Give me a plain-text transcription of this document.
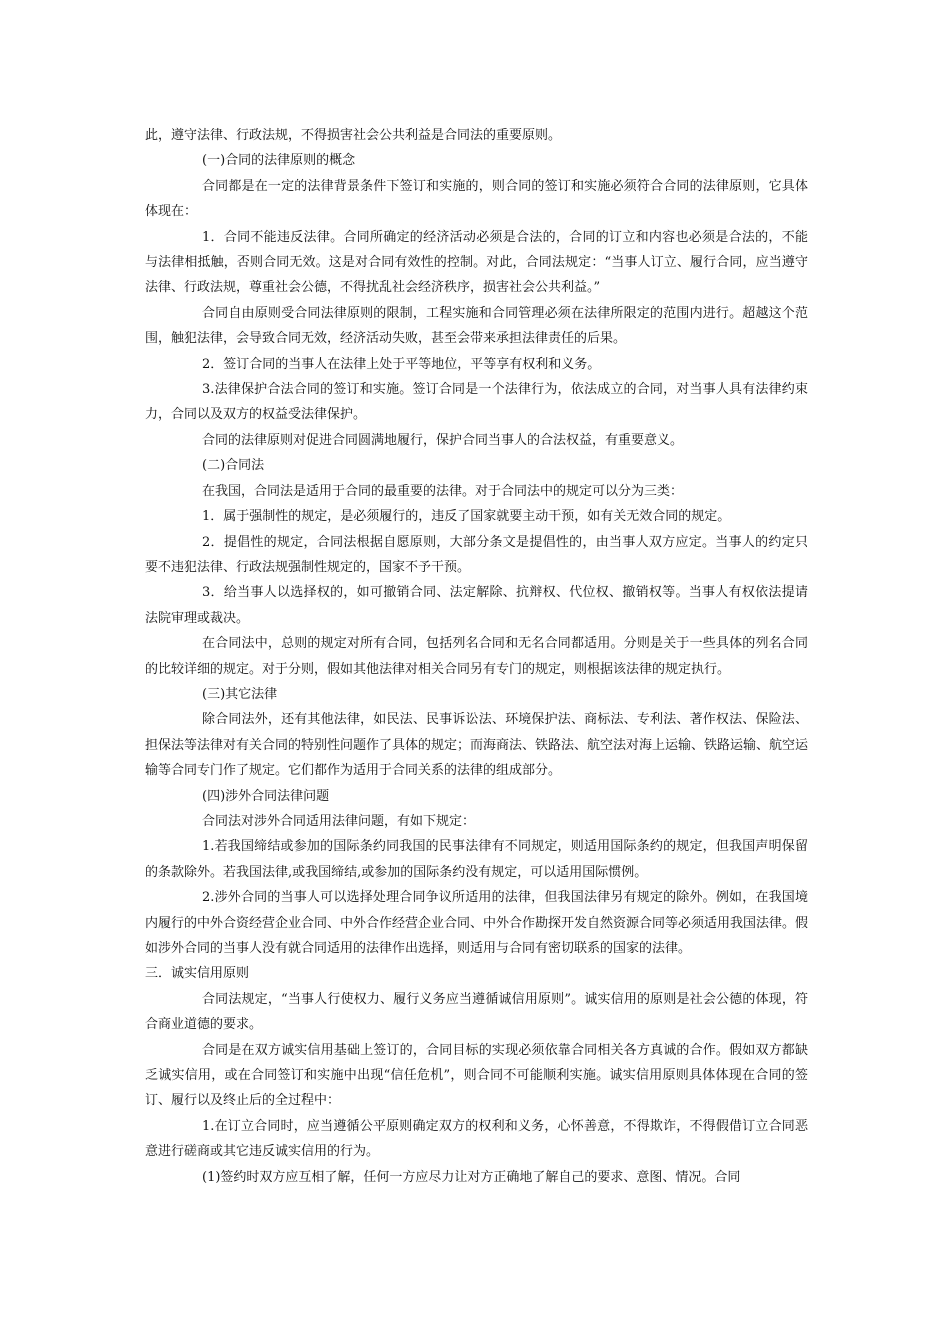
此，遵守法律、行政法规，不得损害社会公共利益是合同法的重要原则。

(一)合同的法律原则的概念

合同都是在一定的法律背景条件下签订和实施的，则合同的签订和实施必须符合合同的法律原则，它具体体现在：

1．合同不能违反法律。合同所确定的经济活动必须是合法的，合同的订立和内容也必须是合法的，不能与法律相抵触，否则合同无效。这是对合同有效性的控制。对此，合同法规定：“当事人订立、履行合同，应当遵守法律、行政法规，尊重社会公德，不得扰乱社会经济秩序，损害社会公共利益。”

合同自由原则受合同法律原则的限制，工程实施和合同管理必须在法律所限定的范围内进行。超越这个范围，触犯法律，会导致合同无效，经济活动失败，甚至会带来承担法律责任的后果。

2．签订合同的当事人在法律上处于平等地位，平等享有权利和义务。

3.法律保护合法合同的签订和实施。签订合同是一个法律行为，依法成立的合同，对当事人具有法律约束力，合同以及双方的权益受法律保护。

合同的法律原则对促进合同圆满地履行，保护合同当事人的合法权益，有重要意义。

(二)合同法

在我国，合同法是适用于合同的最重要的法律。对于合同法中的规定可以分为三类：

1．属于强制性的规定，是必须履行的，违反了国家就要主动干预，如有关无效合同的规定。

2．提倡性的规定，合同法根据自愿原则，大部分条文是提倡性的，由当事人双方应定。当事人的约定只要不违犯法律、行政法规强制性规定的，国家不予干预。

3．给当事人以选择权的，如可撤销合同、法定解除、抗辩权、代位权、撤销权等。当事人有权依法提请法院审理或裁决。

在合同法中，总则的规定对所有合同，包括列名合同和无名合同都适用。分则是关于一些具体的列名合同的比较详细的规定。对于分则，假如其他法律对相关合同另有专门的规定，则根据该法律的规定执行。

(三)其它法律

除合同法外，还有其他法律，如民法、民事诉讼法、环境保护法、商标法、专利法、著作权法、保险法、担保法等法律对有关合同的特别性问题作了具体的规定；而海商法、铁路法、航空法对海上运输、铁路运输、航空运输等合同专门作了规定。它们都作为适用于合同关系的法律的组成部分。

(四)涉外合同法律问题

合同法对涉外合同适用法律问题，有如下规定：

1.若我国缔结或参加的国际条约同我国的民事法律有不同规定，则适用国际条约的规定，但我国声明保留的条款除外。若我国法律,或我国缔结,或参加的国际条约没有规定，可以适用国际惯例。

2.涉外合同的当事人可以选择处理合同争议所适用的法律，但我国法律另有规定的除外。例如，在我国境内履行的中外合资经营企业合同、中外合作经营企业合同、中外合作勘探开发自然资源合同等必须适用我国法律。假如涉外合同的当事人没有就合同适用的法律作出选择，则适用与合同有密切联系的国家的法律。

三．诚实信用原则

合同法规定，“当事人行使权力、履行义务应当遵循诚信用原则”。诚实信用的原则是社会公德的体现，符合商业道德的要求。

合同是在双方诚实信用基础上签订的，合同目标的实现必须依靠合同相关各方真诚的合作。假如双方都缺乏诚实信用，或在合同签订和实施中出现“信任危机”，则合同不可能顺利实施。诚实信用原则具体体现在合同的签订、履行以及终止后的全过程中：

1.在订立合同时，应当遵循公平原则确定双方的权利和义务，心怀善意，不得欺诈，不得假借订立合同恶意进行磋商或其它违反诚实信用的行为。

(1)签约时双方应互相了解，任何一方应尽力让对方正确地了解自己的要求、意图、情况。合同
